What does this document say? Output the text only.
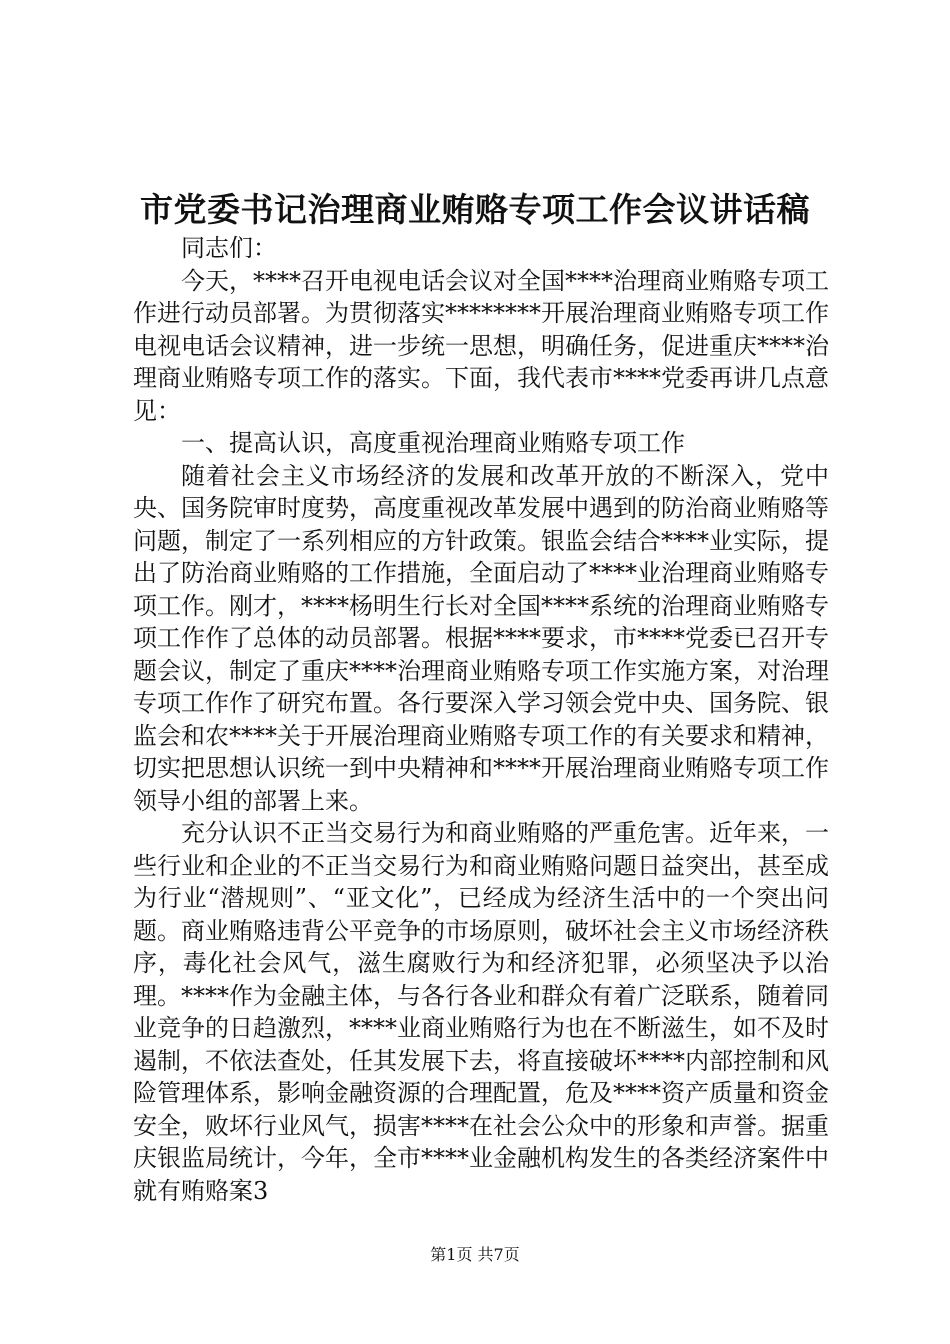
市党委书记治理商业贿赂专项工作会议讲话稿

同志们：

今天，****召开电视电话会议对全国****治理商业贿赂专项工作进行动员部署。为贯彻落实********开展治理商业贿赂专项工作电视电话会议精神，进一步统一思想，明确任务，促进重庆****治理商业贿赂专项工作的落实。下面，我代表市****党委再讲几点意见：

一、提高认识，高度重视治理商业贿赂专项工作

随着社会主义市场经济的发展和改革开放的不断深入，党中央、国务院审时度势，高度重视改革发展中遇到的防治商业贿赂等问题，制定了一系列相应的方针政策。银监会结合****业实际，提出了防治商业贿赂的工作措施，全面启动了****业治理商业贿赂专项工作。刚才，****杨明生行长对全国****系统的治理商业贿赂专项工作作了总体的动员部署。根据****要求，市****党委已召开专题会议，制定了重庆****治理商业贿赂专项工作实施方案，对治理专项工作作了研究布置。各行要深入学习领会党中央、国务院、银监会和农****关于开展治理商业贿赂专项工作的有关要求和精神，切实把思想认识统一到中央精神和****开展治理商业贿赂专项工作领导小组的部署上来。

充分认识不正当交易行为和商业贿赂的严重危害。近年来，一些行业和企业的不正当交易行为和商业贿赂问题日益突出，甚至成为行业“潜规则”、“亚文化”，已经成为经济生活中的一个突出问题。商业贿赂违背公平竞争的市场原则，破坏社会主义市场经济秩序，毒化社会风气，滋生腐败行为和经济犯罪，必须坚决予以治理。****作为金融主体，与各行各业和群众有着广泛联系，随着同业竞争的日趋激烈，****业商业贿赂行为也在不断滋生，如不及时遏制，不依法查处，任其发展下去，将直接破坏****内部控制和风险管理体系，影响金融资源的合理配置，危及****资产质量和资金安全，败坏行业风气，损害****在社会公众中的形象和声誉。据重庆银监局统计，今年，全市****业金融机构发生的各类经济案件中就有贿赂案3

第1页 共7页
